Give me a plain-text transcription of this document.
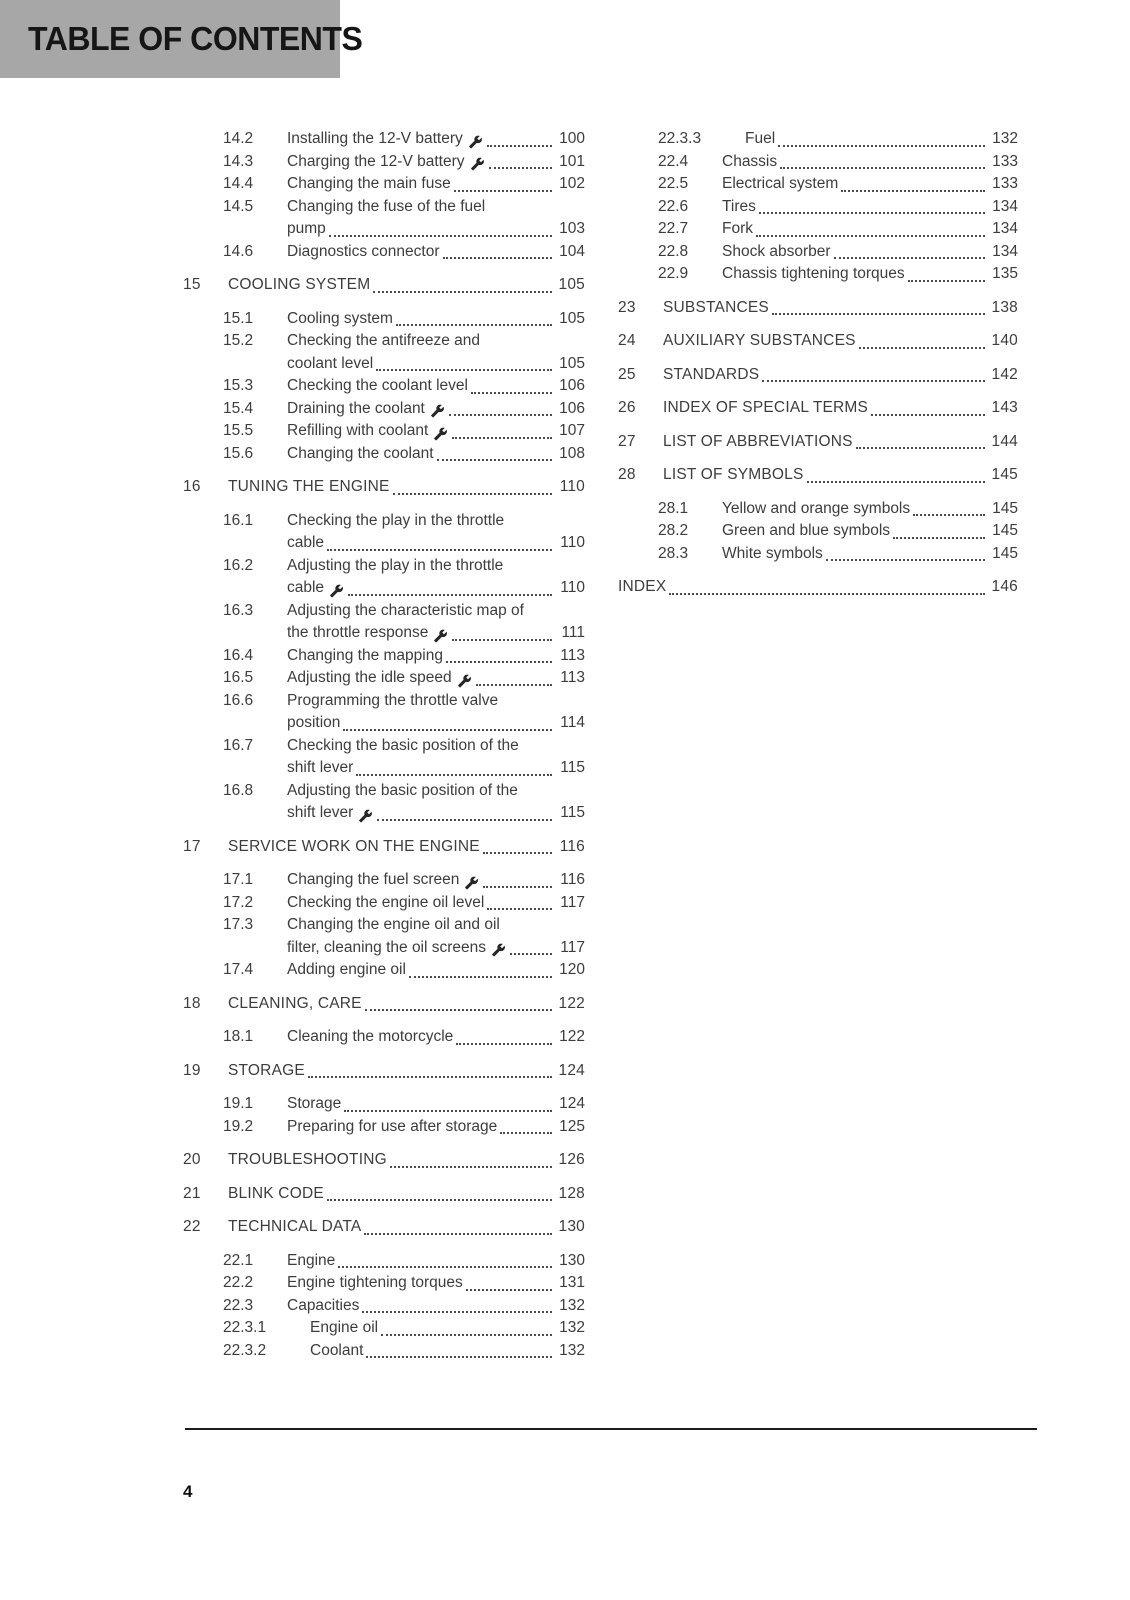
TABLE OF CONTENTS
14.2	Installing the 12-V battery	100
14.3	Charging the 12-V battery	101
14.4	Changing the main fuse	102
14.5	Changing the fuse of the fuel
pump	103
14.6	Diagnostics connector	104
15	COOLING SYSTEM	105
15.1	Cooling system	105
15.2	Checking the antifreeze and
coolant level	105
15.3	Checking the coolant level	106
15.4	Draining the coolant	106
15.5	Refilling with coolant	107
15.6	Changing the coolant	108
16	TUNING THE ENGINE	110
16.1	Checking the play in the throttle
cable	110
16.2	Adjusting the play in the throttle
cable	110
16.3	Adjusting the characteristic map of
the throttle response	111
16.4	Changing the mapping	113
16.5	Adjusting the idle speed	113
16.6	Programming the throttle valve
position	114
16.7	Checking the basic position of the
shift lever	115
16.8	Adjusting the basic position of the
shift lever	115
17	SERVICE WORK ON THE ENGINE	116
17.1	Changing the fuel screen	116
17.2	Checking the engine oil level	117
17.3	Changing the engine oil and oil
filter, cleaning the oil screens	117
17.4	Adding engine oil	120
18	CLEANING, CARE	122
18.1	Cleaning the motorcycle	122
19	STORAGE	124
19.1	Storage	124
19.2	Preparing for use after storage	125
20	TROUBLESHOOTING	126
21	BLINK CODE	128
22	TECHNICAL DATA	130
22.1	Engine	130
22.2	Engine tightening torques	131
22.3	Capacities	132
22.3.1	Engine oil	132
22.3.2	Coolant	132
22.3.3	Fuel	132
22.4	Chassis	133
22.5	Electrical system	133
22.6	Tires	134
22.7	Fork	134
22.8	Shock absorber	134
22.9	Chassis tightening torques	135
23	SUBSTANCES	138
24	AUXILIARY SUBSTANCES	140
25	STANDARDS	142
26	INDEX OF SPECIAL TERMS	143
27	LIST OF ABBREVIATIONS	144
28	LIST OF SYMBOLS	145
28.1	Yellow and orange symbols	145
28.2	Green and blue symbols	145
28.3	White symbols	145
INDEX	146
4
